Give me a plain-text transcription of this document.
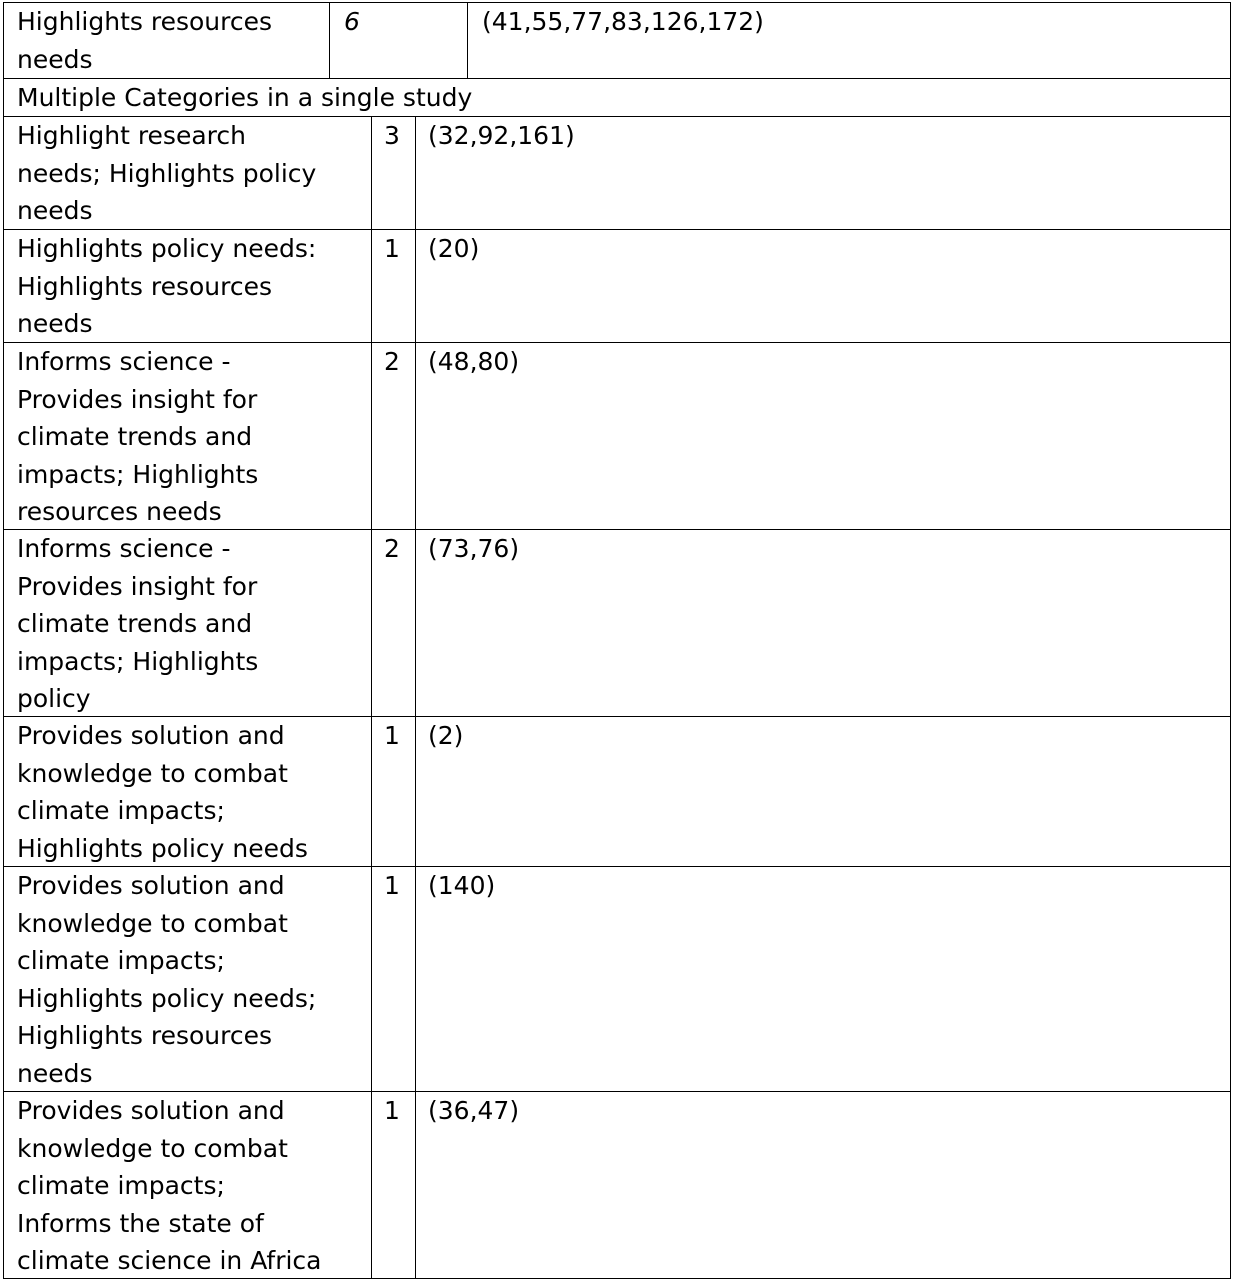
Highlights resources
needs
6	(41,55,77,83,126,172)
Multiple Categories in a single study
Highlight research
needs; Highlights policy
needs
3	(32,92,161)
Highlights policy needs:
Highlights resources
needs
1	(20)
Informs science -
Provides insight for
climate trends and
impacts; Highlights
resources needs
2	(48,80)
Informs science -
Provides insight for
climate trends and
impacts; Highlights
policy
2	(73,76)
Provides solution and
knowledge to combat
climate impacts;
Highlights policy needs
1	(2)
Provides solution and
knowledge to combat
climate impacts;
Highlights policy needs;
Highlights resources
needs
1	(140)
Provides solution and
knowledge to combat
climate impacts;
Informs the state of
climate science in Africa
1	(36,47)
